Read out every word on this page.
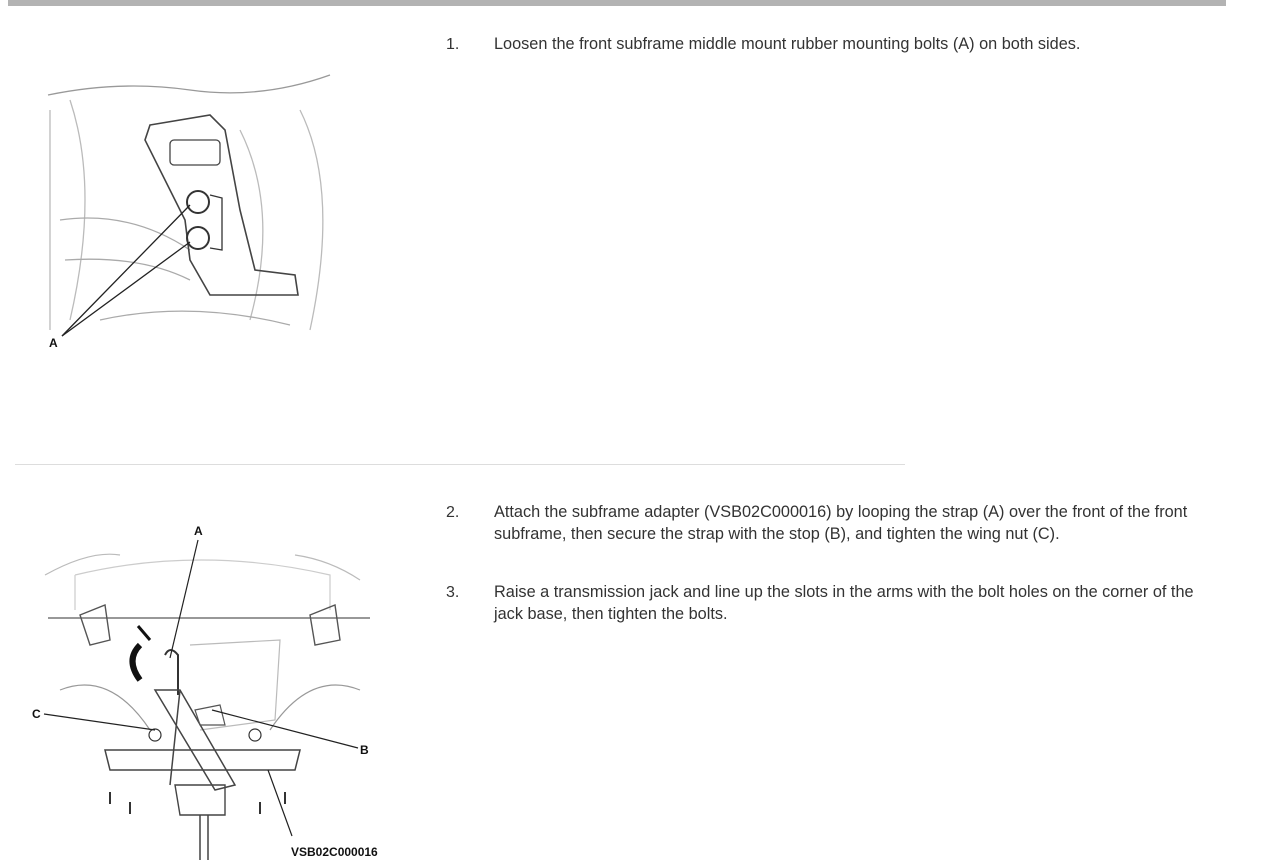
1. Loosen the front subframe middle mount rubber mounting bolts (A) on both sides.
A
2. Attach the subframe adapter (VSB02C000016) by looping the strap (A) over the front of the front subframe, then secure the strap with the stop (B), and tighten the wing nut (C).
3. Raise a transmission jack and line up the slots in the arms with the bolt holes on the corner of the jack base, then tighten the bolts.
A
C
B
VSB02C000016
